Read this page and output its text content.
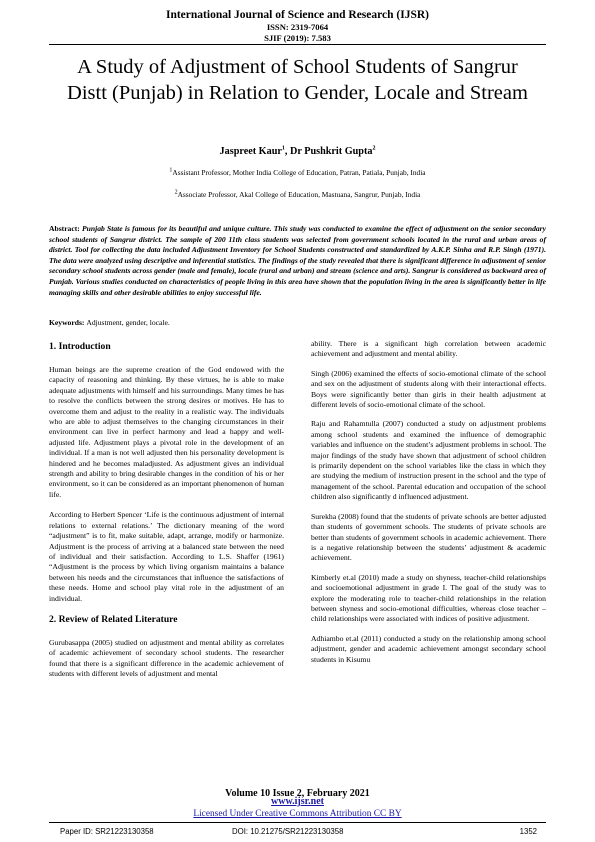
International Journal of Science and Research (IJSR)
ISSN: 2319-7064
SJIF (2019): 7.583
A Study of Adjustment of School Students of Sangrur Distt (Punjab) in Relation to Gender, Locale and Stream
Jaspreet Kaur$^1$, Dr Pushkrit Gupta$^2$
$^1$Assistant Professor, Mother India College of Education, Patran, Patiala, Punjab, India
$^2$Associate Professor, Akal College of Education, Mastuana, Sangrur, Punjab, India
Abstract: Punjab State is famous for its beautiful and unique culture. This study was conducted to examine the effect of adjustment on the senior secondary school students of Sangrur district. The sample of 200 11th class students was selected from government schools located in the rural and urban areas of district. Tool for collecting the data included Adjustment Inventory for School Students constructed and standardized by A.K.P. Sinha and R.P. Singh (1971). The data were analyzed using descriptive and inferential statistics. The findings of the study revealed that there is significant difference in adjustment of senior secondary school students across gender (male and female), locale (rural and urban) and stream (science and arts). Sangrur is considered as backward area of Punjab. Various studies conducted on characteristics of people living in this area have shown that the population living in the area is significantly better in life managing skills and other desirable abilities to enjoy successful life.
Keywords: Adjustment, gender, locale.
1. Introduction

Human beings are the supreme creation of the God endowed with the capacity of reasoning and thinking. By these virtues, he is able to make adequate adjustments with himself and his surroundings. Many times he has to resolve the conflicts between the strong desires or motives. He has to overcome them and adjust to the reality in a realistic way. The individuals who are able to adjust themselves to the changing circumstances in their environment can live in perfect harmony and lead a happy and well-adjusted life. Adjustment plays a pivotal role in the development of an individual. If a man is not well adjusted then his personality development is hindered and he becomes maladjusted. As adjustment gives an individual strength and ability to bring desirable changes in the condition of his or her environment, so it can be considered as an important phenomenon of human life.

According to Herbert Spencer ‘Life is the continuous adjustment of internal relations to external relations.’ The dictionary meaning of the word “adjustment” is to fit, make suitable, adapt, arrange, modify or harmonize. Adjustment is the process of arriving at a balanced state between the need of individual and their satisfaction. According to L.S. Shaffer (1961) “Adjustment is the process by which living organism maintains a balance between his needs and the circumstances that influence the satisfactions of these needs. Home and school play vital role in the adjustment of an individual.

2. Review of Related Literature

Gurubasappa (2005) studied on adjustment and mental ability as correlates of academic achievement of secondary school students. The researcher found that there is a significant difference in the academic achievement of students with different levels of adjustment and mental

ability. There is a significant high correlation between academic achievement and adjustment and mental ability.

Singh (2006) examined the effects of socio-emotional climate of the school and sex on the adjustment of students along with their interactional effects. Boys were significantly better than girls in their health adjustment at different levels of socio-emotional climate of the school.

Raju and Rahamtulla (2007) conducted a study on adjustment problems among school students and examined the influence of demographic variables and influence on the student’s adjustment problems in school. The major findings of the study have shown that adjustment of school children is primarily dependent on the school variables like the class in which they are studying the medium of instruction present in the school and the type of management of the school. Parental education and occupation of the school children also significantly d influenced adjustment.

Surekha (2008) found that the students of private schools are better adjusted than students of government schools. The students of private schools are better than students of government schools in academic achievement. There is a negative relationship between the students’ adjustment & academic achievement.

Kimberly et.al (2010) made a study on shyness, teacher-child relationships and socioemotional adjustment in grade I. The goal of the study was to explore the moderating role to teacher-child relationships in the relation between shyness and socio-emotional difficulties, whereas close teacher – child relationships were associated with indices of positive adjustment.

Adhiambo et.al (2011) conducted a study on the relationship among school adjustment, gender and academic achievement amongst secondary school students in Kisumu

Volume 10 Issue 2, February 2021
www.ijsr.net
Licensed Under Creative Commons Attribution CC BY
Paper ID: SR21223130358	DOI: 10.21275/SR21223130358	1352
